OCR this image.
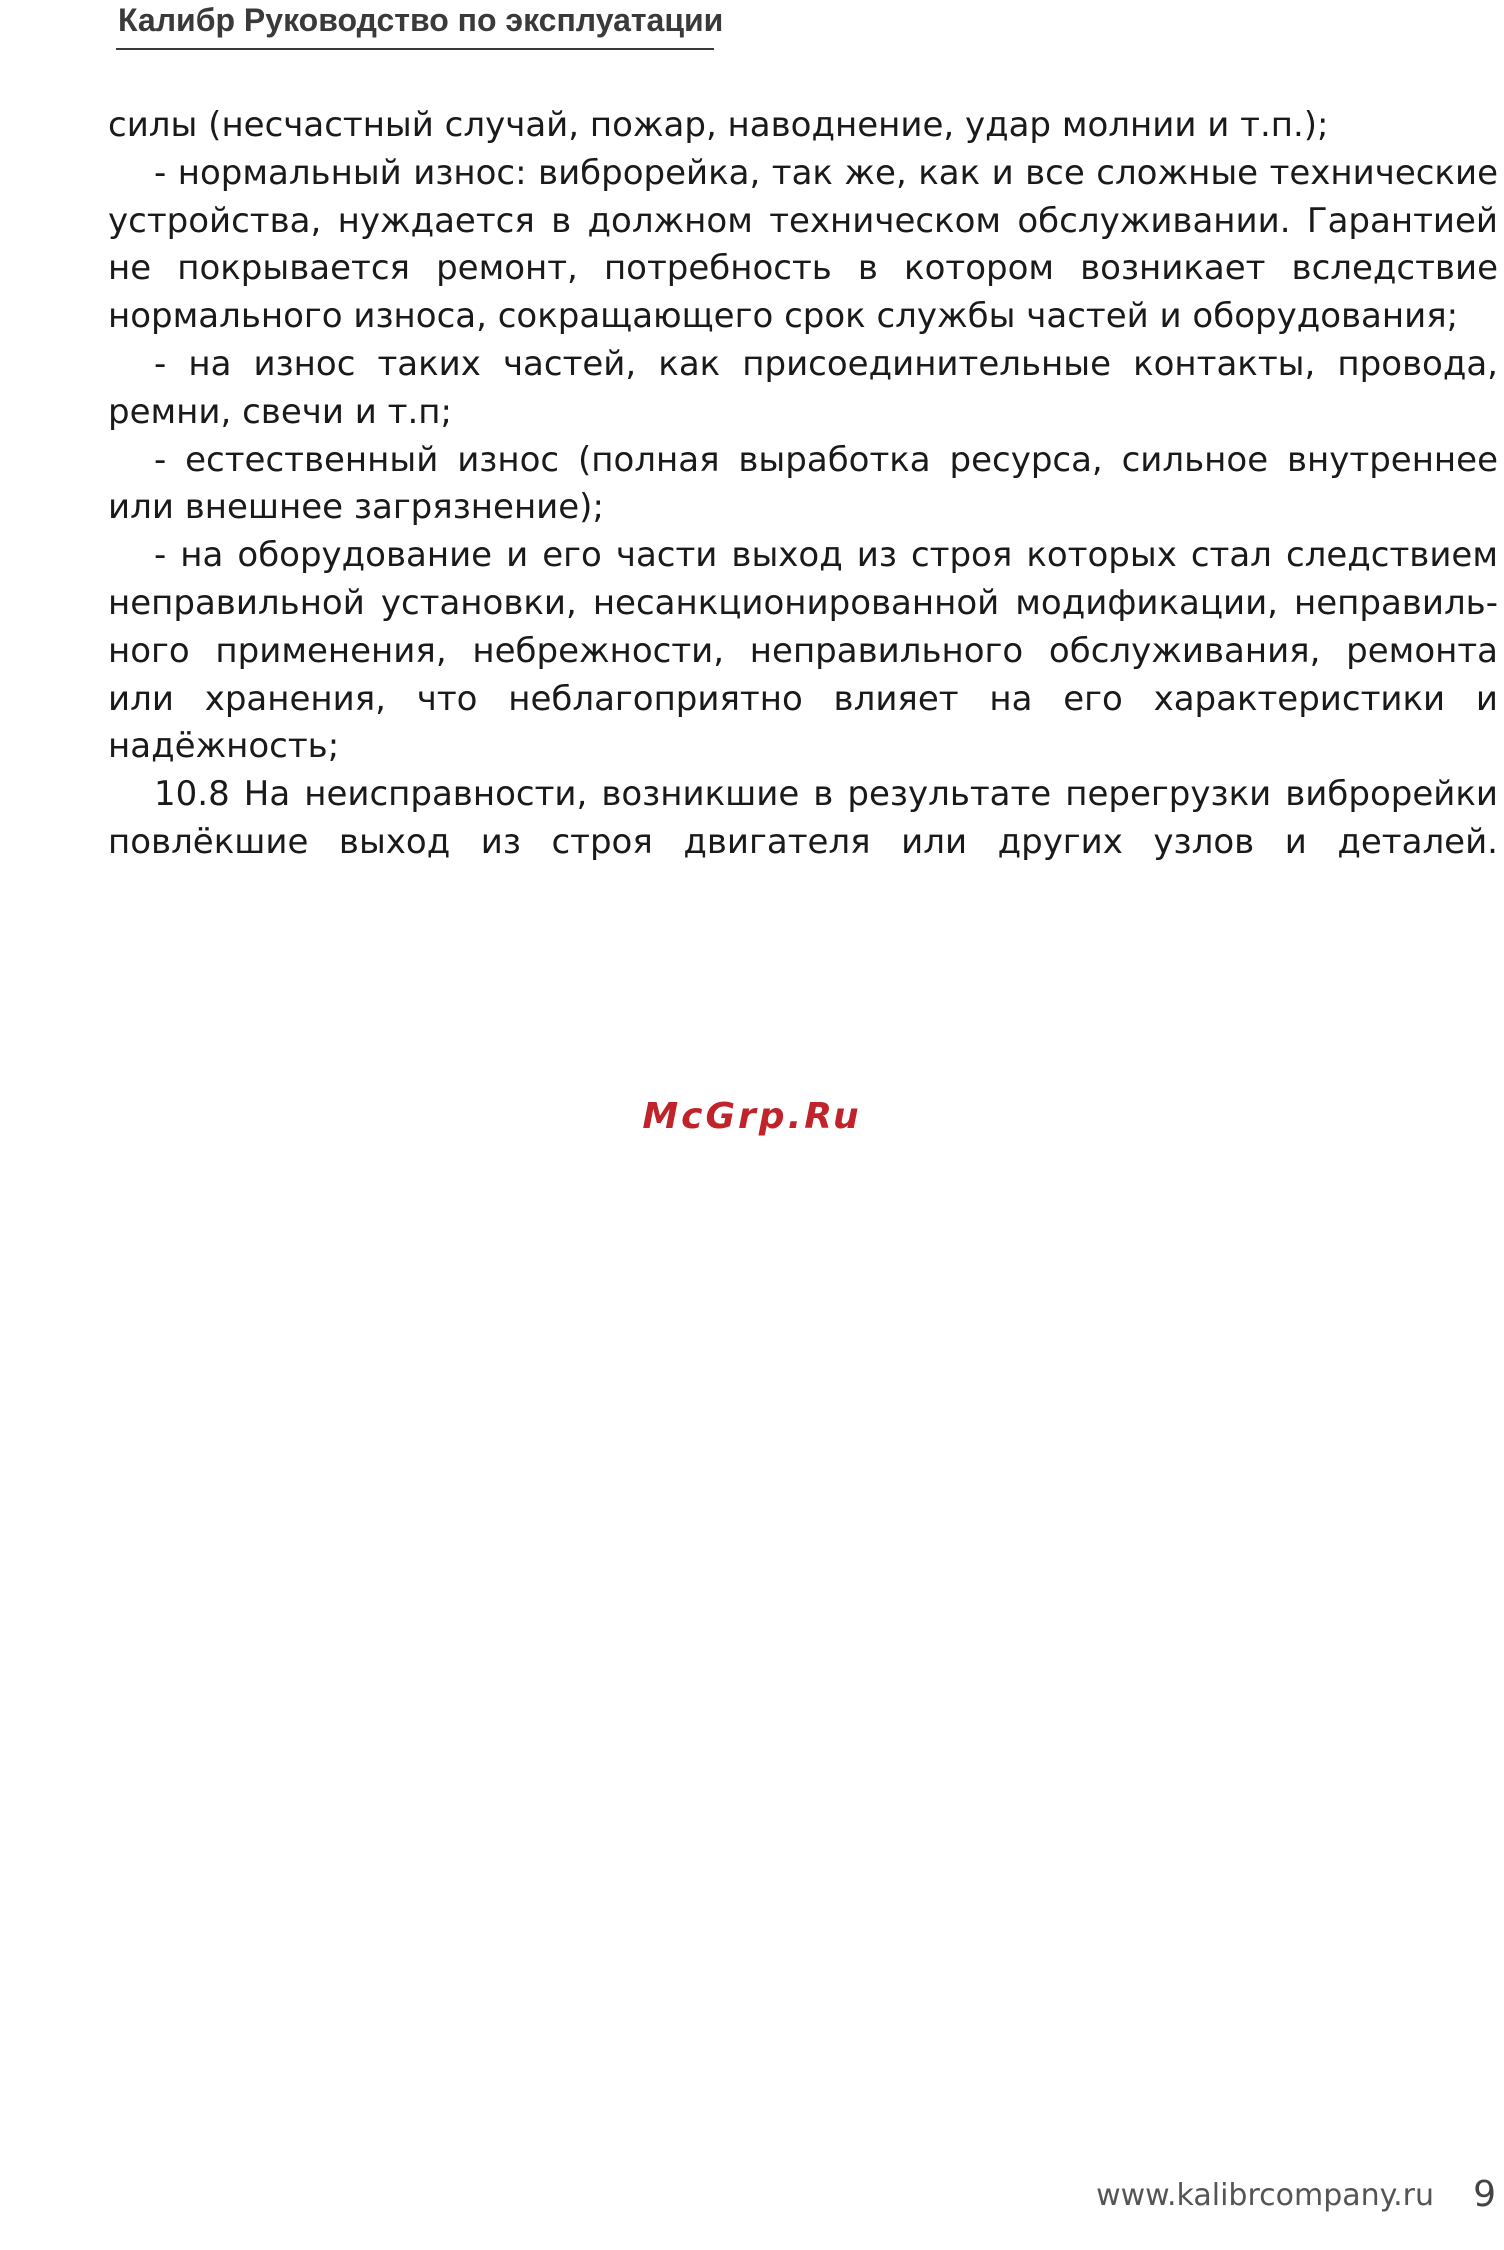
Калибр Руководство по эксплуатации

силы (несчастный случай, пожар, наводнение, удар молнии и т.п.);

- нормальный износ: виброрейка, так же, как и все сложные технические устройства, нуждается в должном техническом обслуживании. Гарантией не покрывается ремонт, потребность в котором возникает вследствие нормального износа, сокращающего срок службы частей и оборудования;

- на износ таких частей, как присоединительные контакты, провода, ремни, свечи и т.п;

- естественный износ (полная выработка ресурса, сильное внутреннее или внешнее загрязнение);

- на оборудование и его части выход из строя которых стал следствием неправильной установки, несанкционированной модификации, неправильного применения, небрежности, неправильного обслуживания, ремонта или хранения, что неблагоприятно влияет на его характеристики и надёжность;

10.8 На неисправности, возникшие в результате перегрузки виброрейки повлёкшие выход из строя двигателя или других узлов и деталей.

McGrp.Ru
www.kalibrcompany.ru 9
